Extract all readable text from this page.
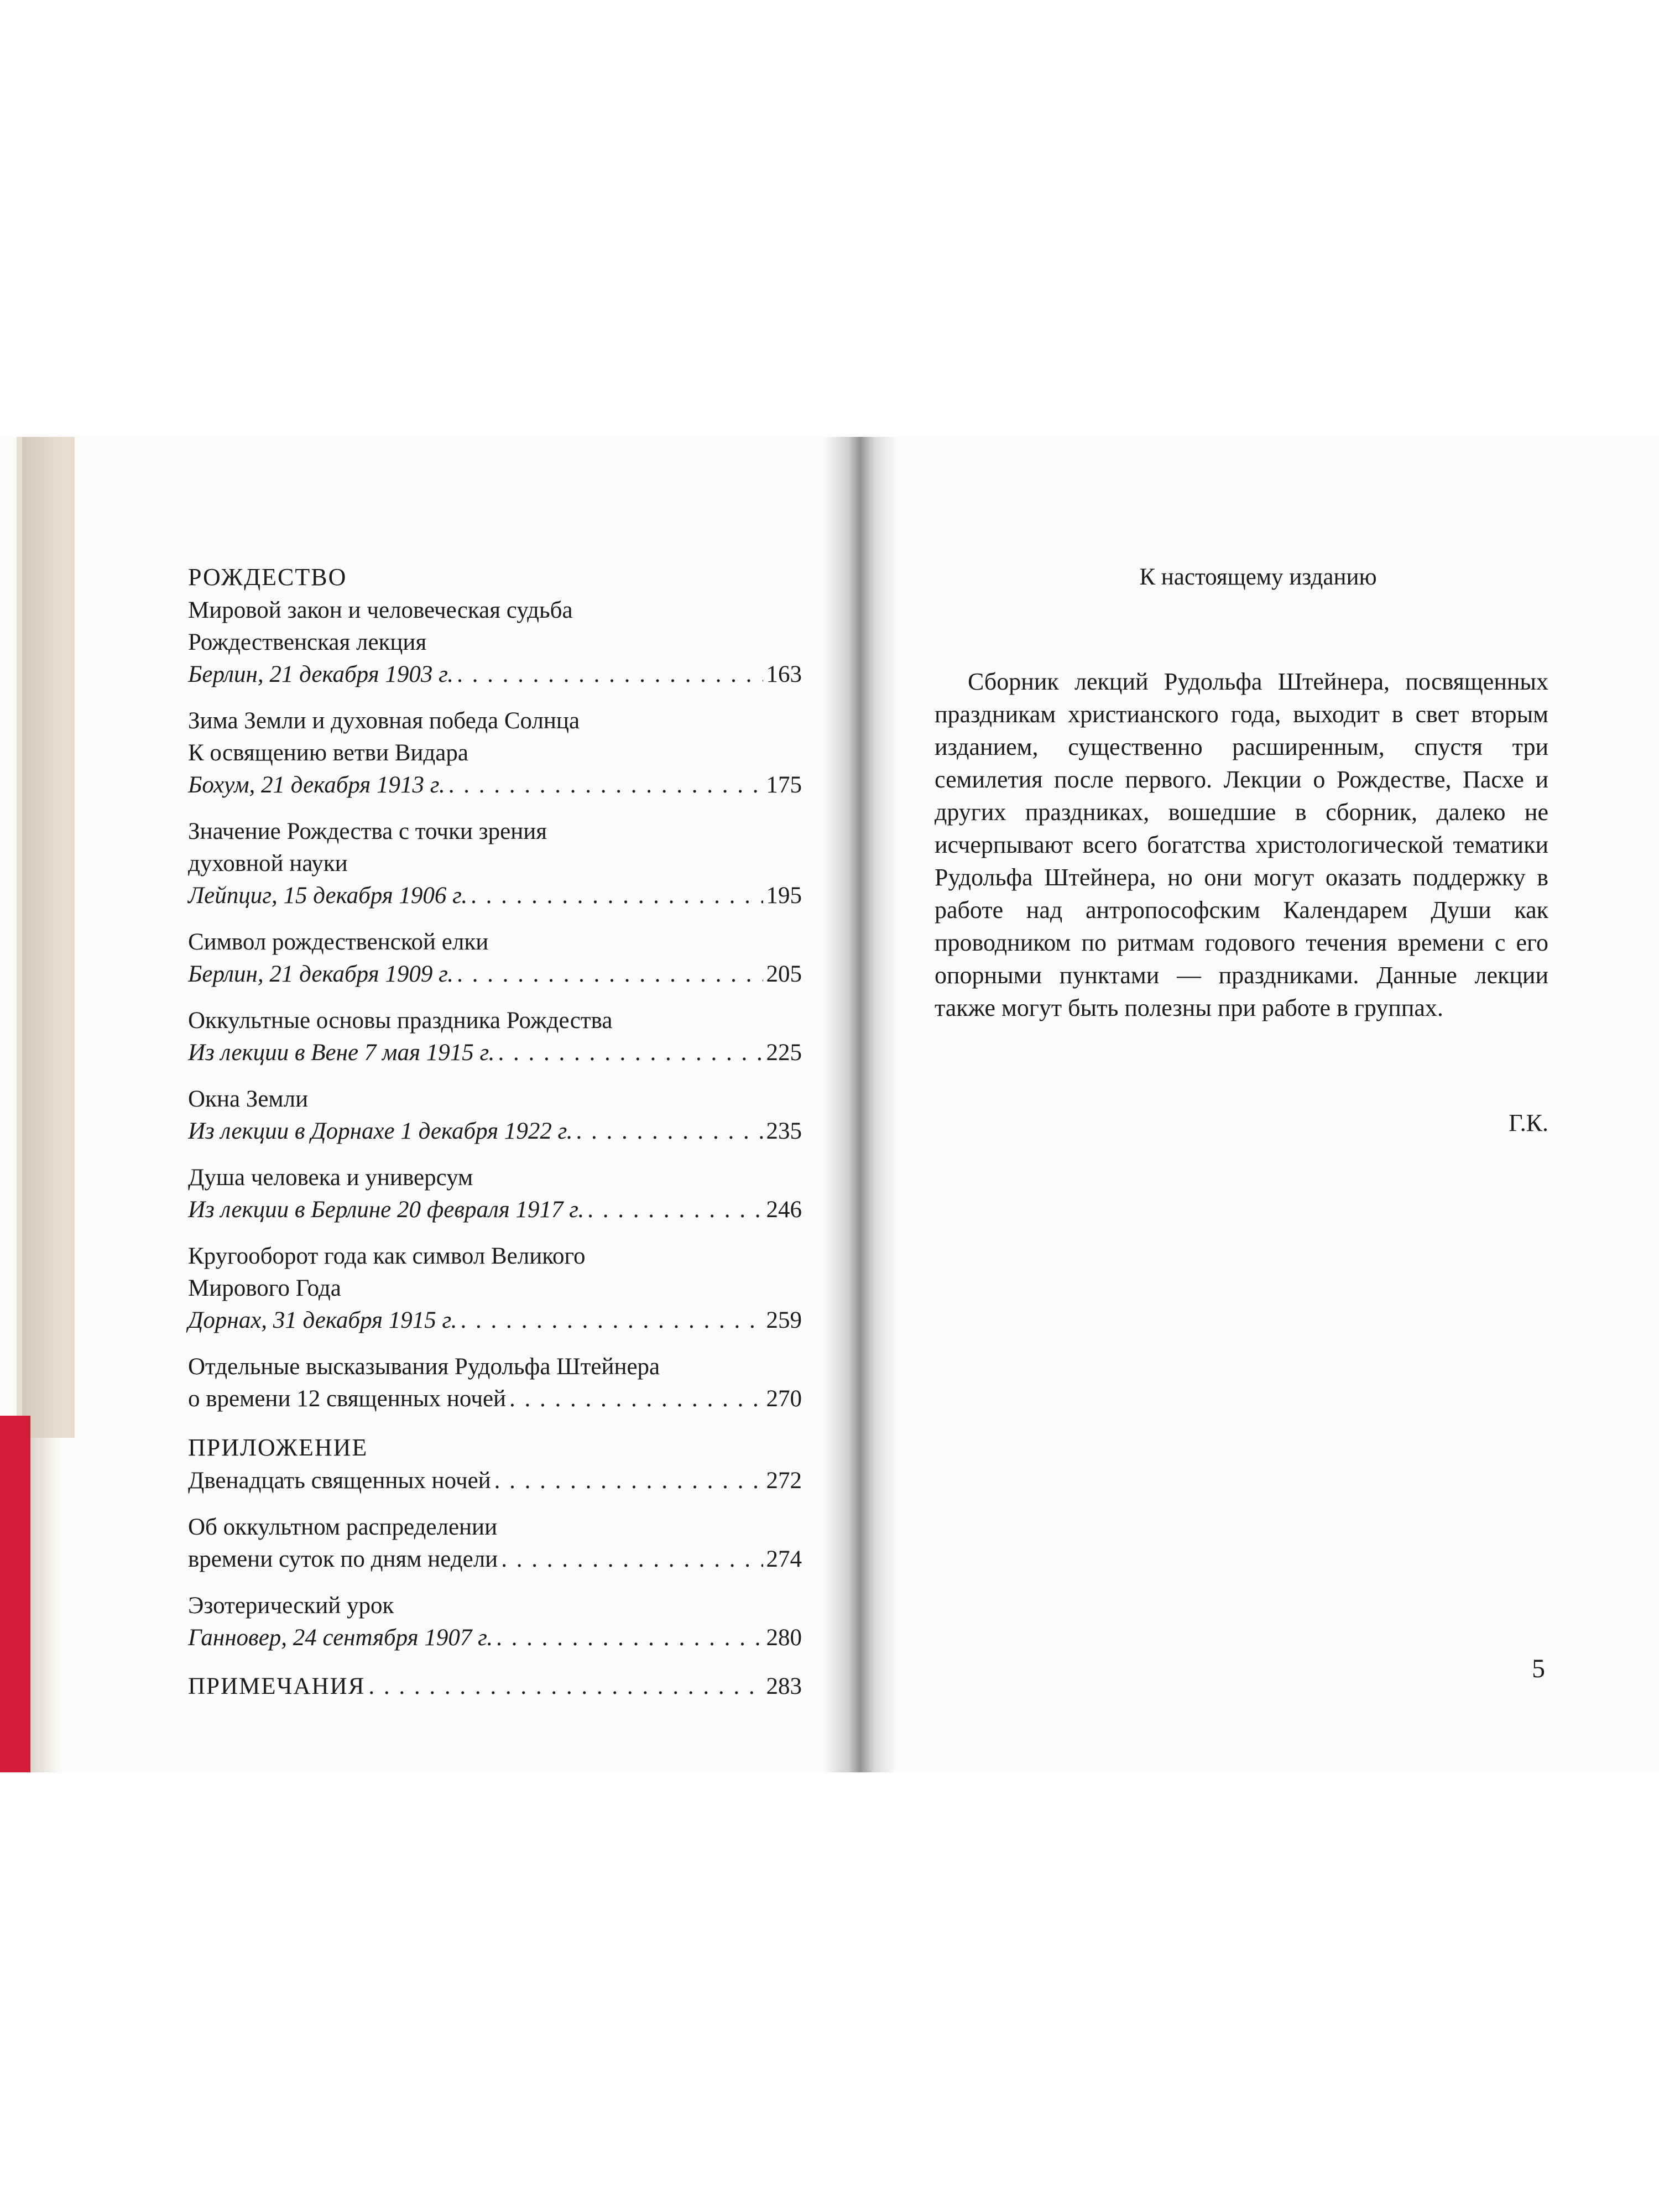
РОЖДЕСТВО
Мировой закон и человеческая судьба
Рождественская лекция
Берлин, 21 декабря 1903 г. . . .	163
Зима Земли и духовная победа Солнца
К освящению ветви Видара
Бохум, 21 декабря 1913 г. . . .	175
Значение Рождества с точки зрения
духовной науки
Лейпциг, 15 декабря 1906 г. . . .	195
Символ рождественской елки
Берлин, 21 декабря 1909 г. . . .	205
Оккультные основы праздника Рождества
Из лекции в Вене 7 мая 1915 г. . . .	225
Окна Земли
Из лекции в Дорнахе 1 декабря 1922 г. . . .	235
Душа человека и универсум
Из лекции в Берлине 20 февраля 1917 г. . . .	246
Кругооборот года как символ Великого
Мирового Года
Дорнах, 31 декабря 1915 г. . . .	259
Отдельные высказывания Рудольфа Штейнера
о времени 12 священных ночей . . .	270
ПРИЛОЖЕНИЕ
Двенадцать священных ночей . . .	272
Об оккультном распределении
времени суток по дням недели . . .	274
Эзотерический урок
Ганновер, 24 сентября 1907 г. . . .	280
ПРИМЕЧАНИЯ . . .	283
К настоящему изданию
Сборник лекций Рудольфа Штейнера, посвященных праздникам христианского года, выходит в свет вторым изданием, существенно расширенным, спустя три семилетия после первого. Лекции о Рождестве, Пасхе и других праздниках, вошедшие в сборник, далеко не исчерпывают всего богатства христологической тематики Рудольфа Штейнера, но они могут оказать поддержку в работе над антропософским Календарем Души как проводником по ритмам годового течения времени с его опорными пунктами — праздниками. Данные лекции также могут быть полезны при работе в группах.
Г.К.
5
